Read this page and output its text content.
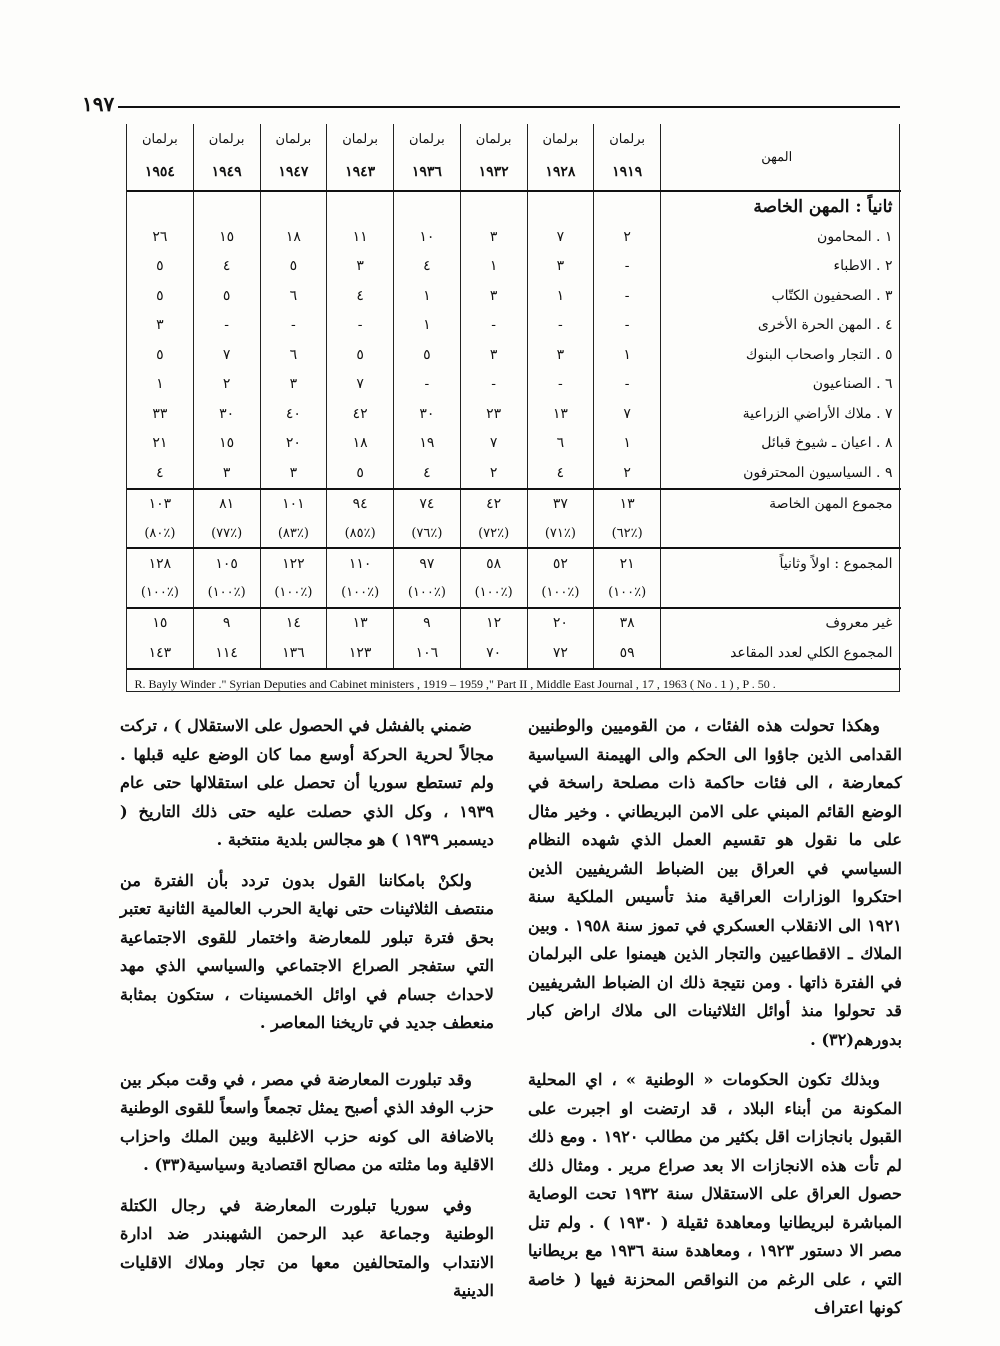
١٩٧
المهن	برلمان	برلمان	برلمان	برلمان	برلمان	برلمان	برلمان	برلمان
	١٩١٩	١٩٢٨	١٩٣٢	١٩٣٦	١٩٤٣	١٩٤٧	١٩٤٩	١٩٥٤
ثانياً : المهن الخاصة								
١ . المحامون	٢	٧	٣	١٠	١١	١٨	١٥	٢٦
٢ . الاطباء	-	٣	١	٤	٣	٥	٤	٥
٣ . الصحفيون الكتّاب	-	١	٣	١	٤	٦	٥	٥
٤ . المهن الحرة الأخرى	-	-	-	١	-	-	-	٣
٥ . التجار واصحاب البنوك	١	٣	٣	٥	٥	٦	٧	٥
٦ . الصناعيون	-	-	-	-	٧	٣	٢	١
٧ . ملاك الأراضي الزراعية	٧	١٣	٢٣	٣٠	٤٢	٤٠	٣٠	٣٣
٨ . اعيان ـ شيوخ قبائل	١	٦	٧	١٩	١٨	٢٠	١٥	٢١
٩ . السياسيون المحترفون	٢	٤	٢	٤	٥	٣	٣	٤
مجموع المهن الخاصة	١٣	٣٧	٤٢	٧٤	٩٤	١٠١	٨١	١٠٣
	(٪٦٢)	(٪٧١)	(٪٧٢)	(٪٧٦)	(٪٨٥)	(٪٨٣)	(٪٧٧)	(٪٨٠)
المجموع : اولاً وثانياً	٢١	٥٢	٥٨	٩٧	١١٠	١٢٢	١٠٥	١٢٨
	(٪١٠٠)	(٪١٠٠)	(٪١٠٠)	(٪١٠٠)	(٪١٠٠)	(٪١٠٠)	(٪١٠٠)	(٪١٠٠)
غير معروف	٣٨	٢٠	١٢	٩	١٣	١٤	٩	١٥
المجموع الكلي لعدد المقاعد	٥٩	٧٢	٧٠	١٠٦	١٢٣	١٣٦	١١٤	١٤٣
R. Bayly Winder ." Syrian Deputies and Cabinet ministers , 1919 – 1959 ," Part II , Middle East Journal , 17 , 1963 ( No . 1 ) , P . 50 .								

وهكذا تحولت هذه الفئات ، من القوميين والوطنيين القدامى الذين جاؤوا الى الحكم والى الهيمنة السياسية كمعارضة ، الى فئات حاكمة ذات مصلحة راسخة في الوضع القائم المبني على الامن البريطاني . وخير مثال على ما نقول هو تقسيم العمل الذي شهده النظام السياسي في العراق بين الضباط الشريفيين الذين احتكروا الوزارات العراقية منذ تأسيس الملكية سنة ١٩٢١ الى الانقلاب العسكري في تموز سنة ١٩٥٨ . وبين الملاك ـ الاقطاعيين والتجار الذين هيمنوا على البرلمان في الفترة ذاتها . ومن نتيجة ذلك ان الضباط الشريفيين قد تحولوا منذ أوائل الثلاثينات الى ملاك اراض كبار بدورهم(٣٢) .

وبذلك تكون الحكومات « الوطنية » ، اي المحلية المكونة من أبناء البلاد ، قد ارتضت او اجبرت على القبول بانجازات اقل بكثير من مطالب ١٩٢٠ . ومع ذلك لم تأت هذه الانجازات الا بعد صراع مرير . ومثال ذلك حصول العراق على الاستقلال سنة ١٩٣٢ تحت الوصاية المباشرة لبريطانيا ومعاهدة ثقيلة ( ١٩٣٠ ) . ولم تنل مصر الا دستور ١٩٢٣ ، ومعاهدة سنة ١٩٣٦ مع بريطانيا التي ، على الرغم من النواقص المحزنة فيها ( خاصة كونها اعتراف

ضمني بالفشل في الحصول على الاستقلال ) ، تركت مجالاً لحرية الحركة أوسع مما كان الوضع عليه قبلها . ولم تستطع سوريا أن تحصل على استقلالها حتى عام ١٩٣٩ ، وكل الذي حصلت عليه حتى ذلك التاريخ ( ديسمبر ١٩٣٩ ) هو مجالس بلدية منتخبة .

ولكنْ بامكاننا القول بدون تردد بأن الفترة من منتصف الثلاثينات حتى نهاية الحرب العالمية الثانية تعتبر بحق فترة تبلور للمعارضة واختمار للقوى الاجتماعية التي ستفجر الصراع الاجتماعي والسياسي الذي مهد لاحداث جسام في اوائل الخمسينات ، ستكون بمثابة منعطف جديد في تاريخنا المعاصر .

وقد تبلورت المعارضة في مصر ، في وقت مبكر بين حزب الوفد الذي أصبح يمثل تجمعاً واسعاً للقوى الوطنية بالاضافة الى كونه حزب الاغلبية وبين الملك واحزاب الاقلية وما مثلته من مصالح اقتصادية وسياسية(٣٣) .

وفي سوريا تبلورت المعارضة في رجال الكتلة الوطنية وجماعة عبد الرحمن الشهبندر ضد ادارة الانتداب والمتحالفين معها من تجار وملاك الاقليات الدينية
